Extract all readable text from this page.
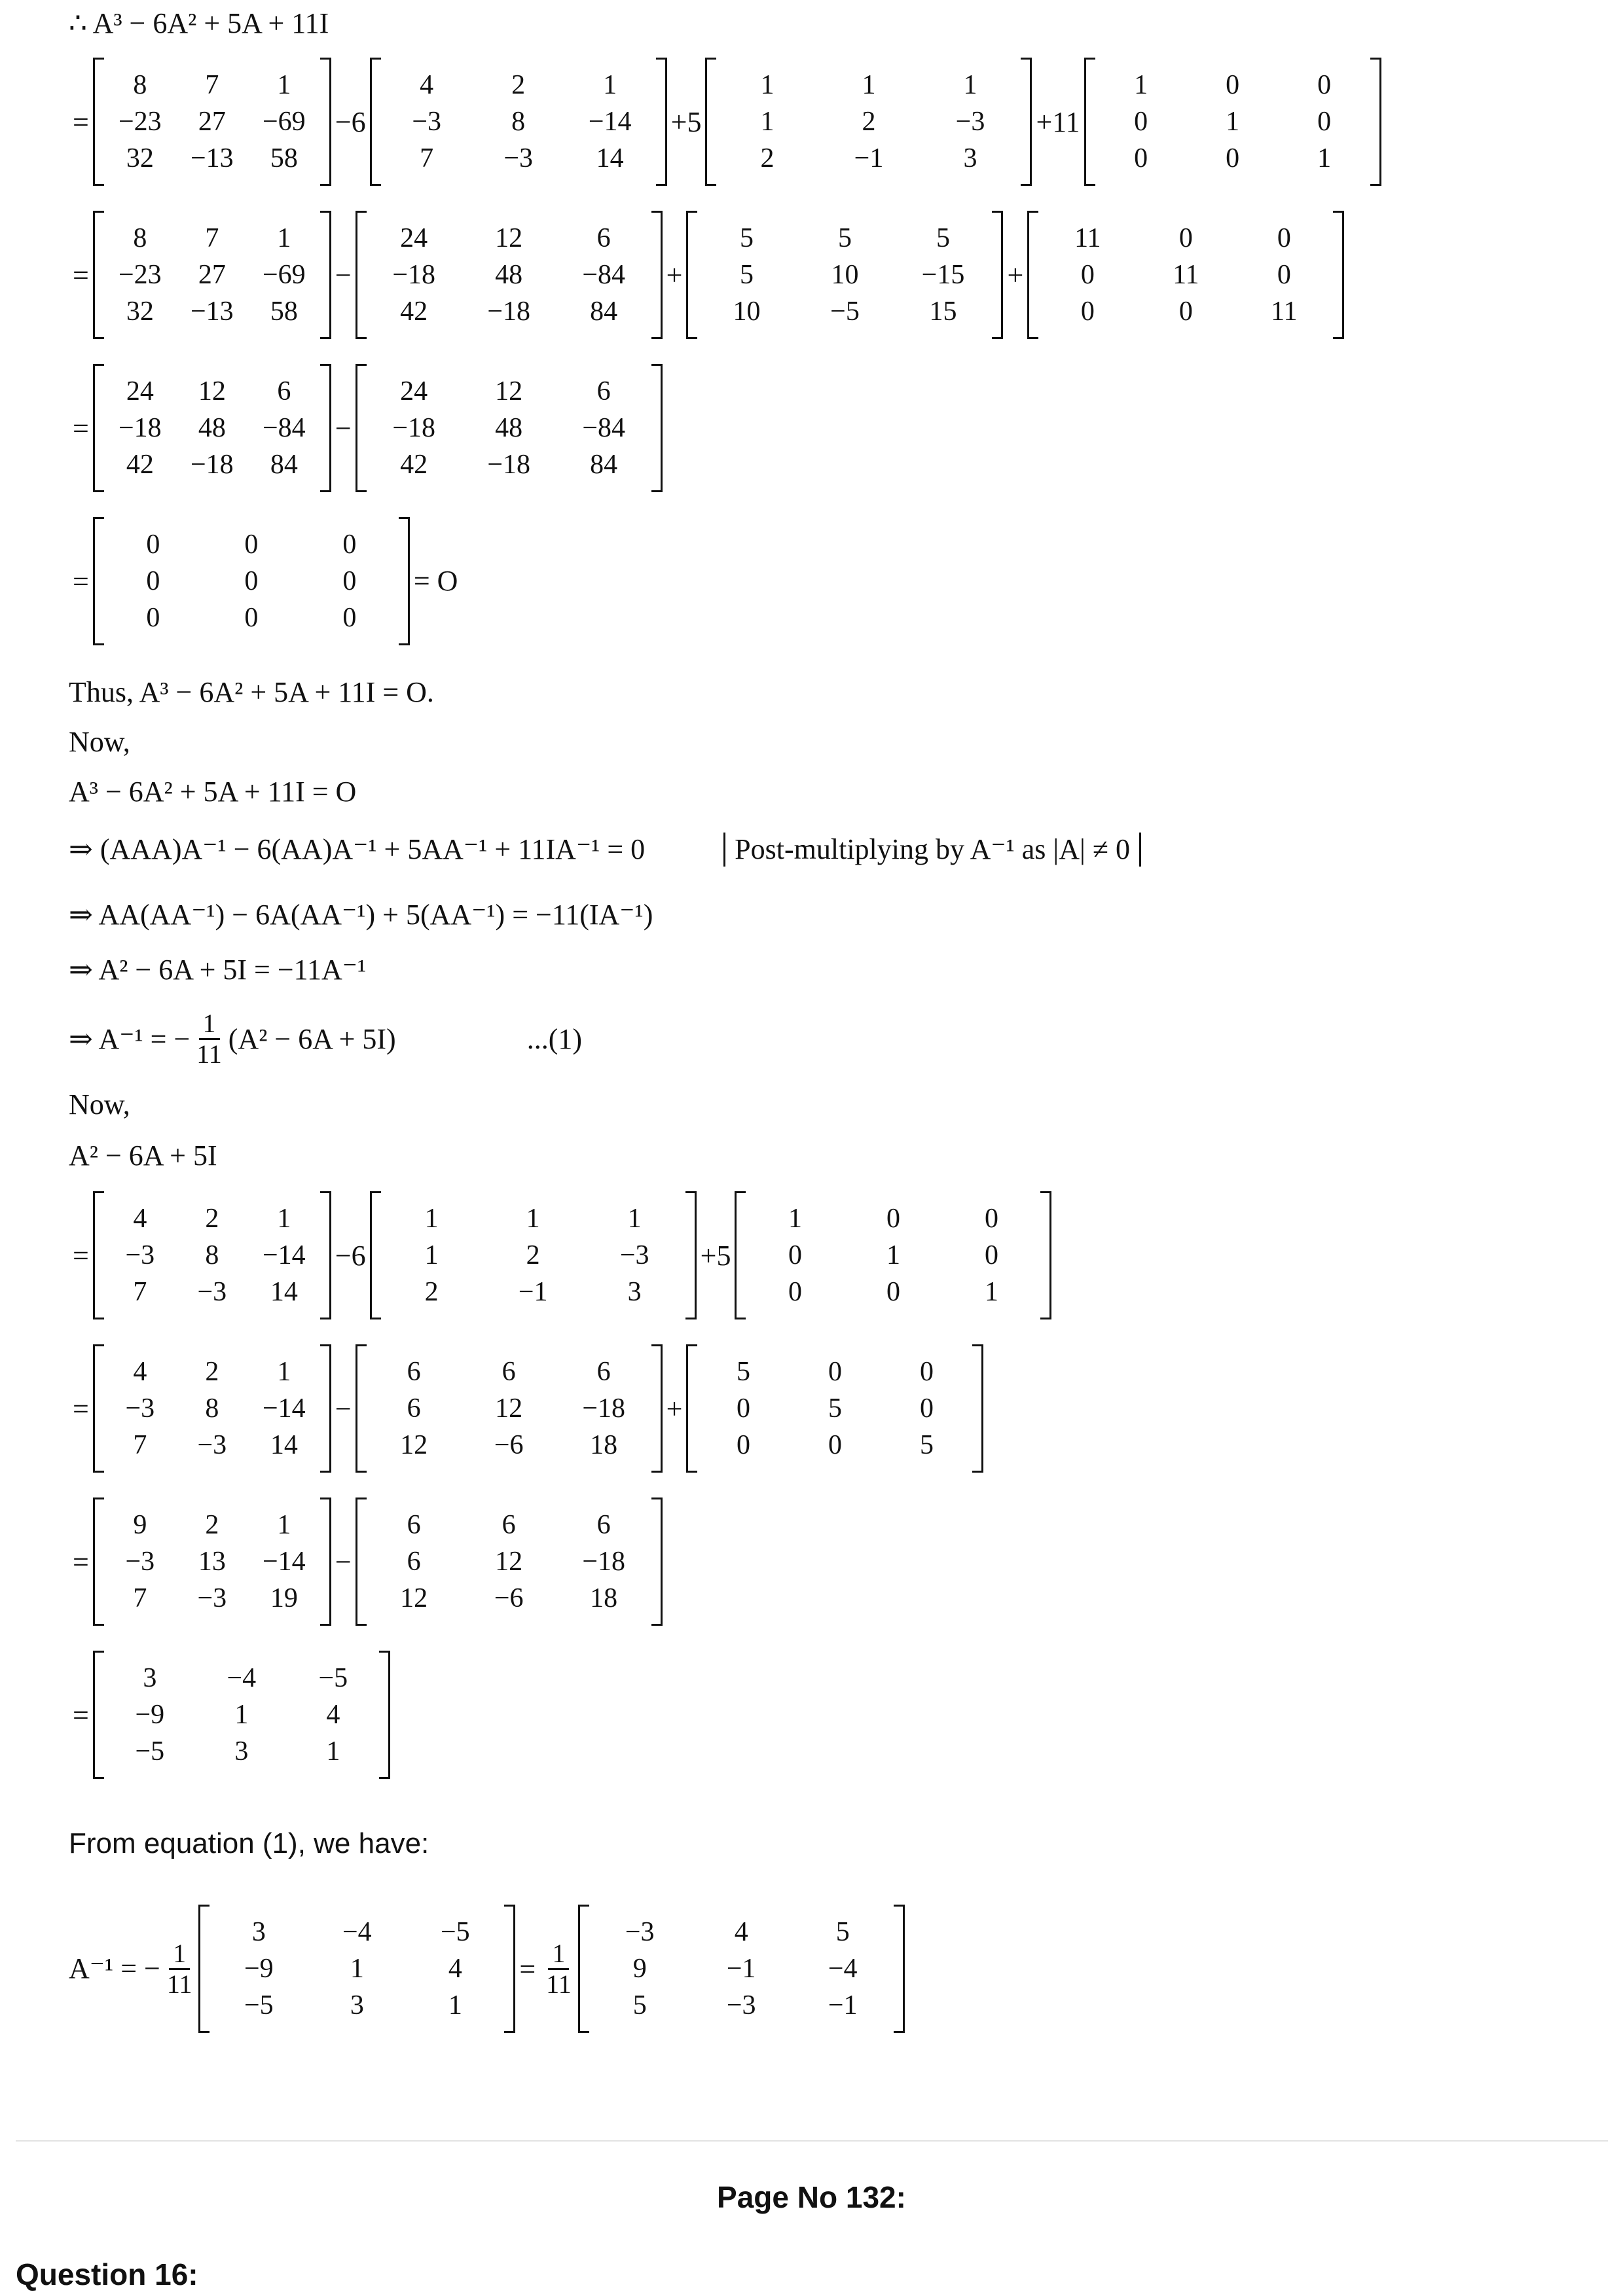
∴ A³ − 6A² + 5A + 11I
=
8	7	1
−23	27	−69
32	−13	58
−6
4	2	1
−3	8	−14
7	−3	14
+5
1	1	1
1	2	−3
2	−1	3
+11
1	0	0
0	1	0
0	0	1
=
8	7	1
−23	27	−69
32	−13	58
−
24	12	6
−18	48	−84
42	−18	84
+
5	5	5
5	10	−15
10	−5	15
+
11	0	0
0	11	0
0	0	11
=
24	12	6
−18	48	−84
42	−18	84
−
24	12	6
−18	48	−84
42	−18	84
=
0	0	0
0	0	0
0	0	0
= O
Thus, A³ − 6A² + 5A + 11I = O.
Now,
A³ − 6A² + 5A + 11I = O
⇒ (AAA)A⁻¹ − 6(AA)A⁻¹ + 5AA⁻¹ + 11IA⁻¹ = 0	Post-multiplying by A⁻¹ as |A| ≠ 0
⇒ AA(AA⁻¹) − 6A(AA⁻¹) + 5(AA⁻¹) = −11(IA⁻¹)
⇒ A² − 6A + 5I = −11A⁻¹
⇒ A⁻¹ = − $\frac{1}{11} (A^2 - 6A + 5I)$	...(1)
Now,
A² − 6A + 5I
=
4	2	1
−3	8	−14
7	−3	14
−6
1	1	1
1	2	−3
2	−1	3
+5
1	0	0
0	1	0
0	0	1
=
4	2	1
−3	8	−14
7	−3	14
−
6	6	6
6	12	−18
12	−6	18
+
5	0	0
0	5	0
0	0	5
=
9	2	1
−3	13	−14
7	−3	19
−
6	6	6
6	12	−18
12	−6	18
=
3	−4	−5
−9	1	4
−5	3	1
From equation (1), we have:
A⁻¹ = − $\frac{1}{11}$
3	−4	−5
−9	1	4
−5	3	1
= $\frac{1}{11}$
−3	4	5
9	−1	−4
5	−3	−1
Page No 132:
Question 16:
